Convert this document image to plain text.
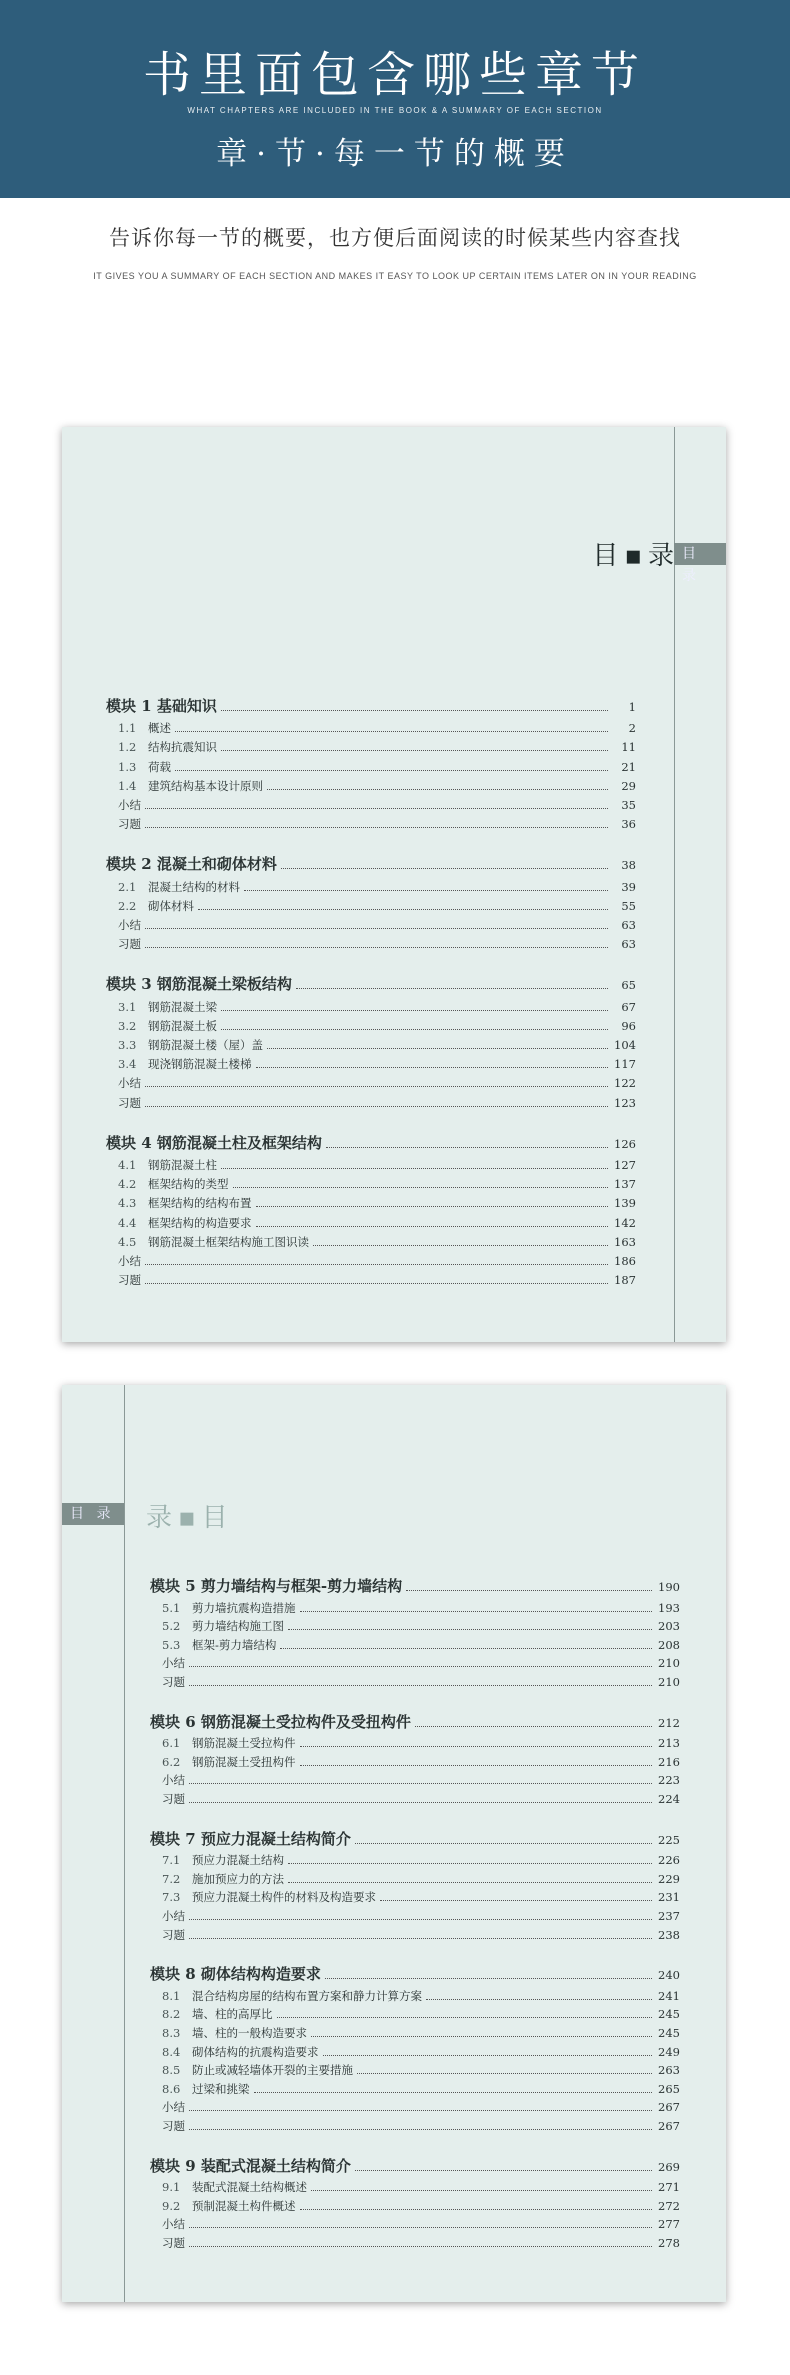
书里面包含哪些章节
WHAT CHAPTERS ARE INCLUDED IN THE BOOK & A SUMMARY OF EACH SECTION
章·节·每一节的概要
告诉你每一节的概要，也方便后面阅读的时候某些内容查找
IT GIVES YOU A SUMMARY OF EACH SECTION AND MAKES IT EASY TO LOOK UP CERTAIN ITEMS LATER ON IN YOUR READING
目 录
目▪录
模块 1 基础知识	1
1.1	概述	2
1.2	结构抗震知识	11
1.3	荷载	21
1.4	建筑结构基本设计原则	29
小结	35
习题	36
模块 2 混凝土和砌体材料	38
2.1	混凝土结构的材料	39
2.2	砌体材料	55
小结	63
习题	63
模块 3 钢筋混凝土梁板结构	65
3.1	钢筋混凝土梁	67
3.2	钢筋混凝土板	96
3.3	钢筋混凝土楼（屋）盖	104
3.4	现浇钢筋混凝土楼梯	117
小结	122
习题	123
模块 4 钢筋混凝土柱及框架结构	126
4.1	钢筋混凝土柱	127
4.2	框架结构的类型	137
4.3	框架结构的结构布置	139
4.4	框架结构的构造要求	142
4.5	钢筋混凝土框架结构施工图识读	163
小结	186
习题	187
目 录	录▪目
模块 5 剪力墙结构与框架-剪力墙结构	190
5.1	剪力墙抗震构造措施	193
5.2	剪力墙结构施工图	203
5.3	框架-剪力墙结构	208
小结	210
习题	210
模块 6 钢筋混凝土受拉构件及受扭构件	212
6.1	钢筋混凝土受拉构件	213
6.2	钢筋混凝土受扭构件	216
小结	223
习题	224
模块 7 预应力混凝土结构简介	225
7.1	预应力混凝土结构	226
7.2	施加预应力的方法	229
7.3	预应力混凝土构件的材料及构造要求	231
小结	237
习题	238
模块 8 砌体结构构造要求	240
8.1	混合结构房屋的结构布置方案和静力计算方案	241
8.2	墙、柱的高厚比	245
8.3	墙、柱的一般构造要求	245
8.4	砌体结构的抗震构造要求	249
8.5	防止或减轻墙体开裂的主要措施	263
8.6	过梁和挑梁	265
小结	267
习题	267
模块 9 装配式混凝土结构简介	269
9.1	装配式混凝土结构概述	271
9.2	预制混凝土构件概述	272
小结	277
习题	278
